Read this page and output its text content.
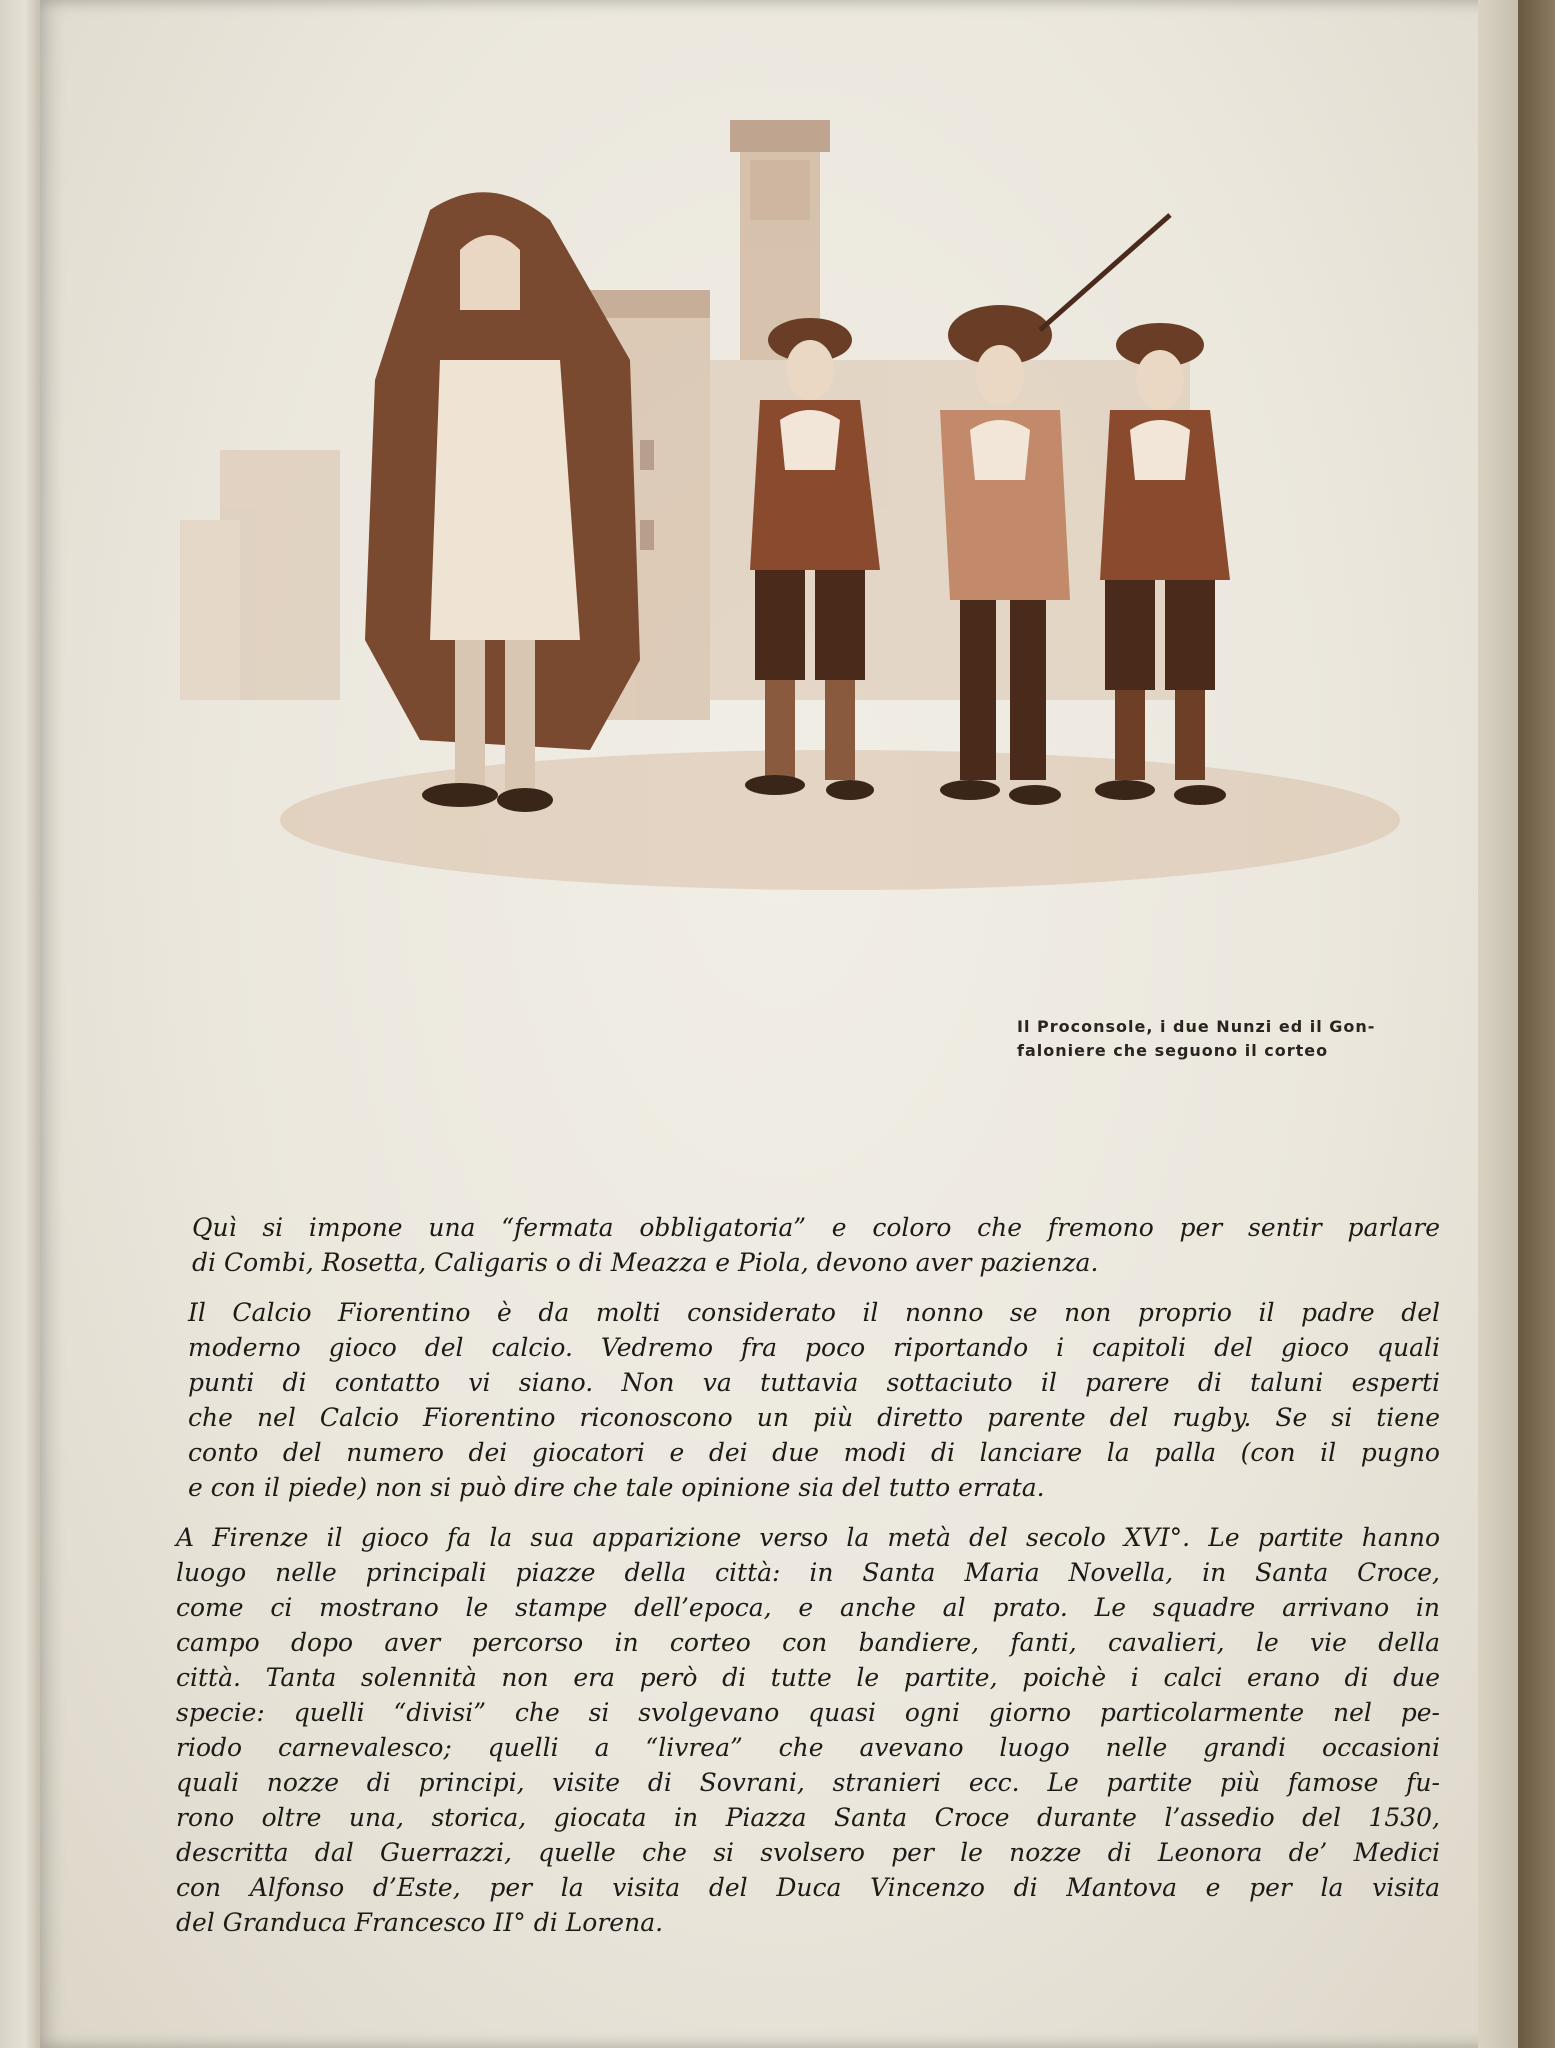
Il Proconsole, i due Nunzi ed il Gon-
faloniere che seguono il corteo

Quì si impone una “fermata obbligatoria” e coloro che fremono per sentir parlare
di Combi, Rosetta, Caligaris o di Meazza e Piola, devono aver pazienza.

Il Calcio Fiorentino è da molti considerato il nonno se non proprio il padre del
moderno gioco del calcio. Vedremo fra poco riportando i capitoli del gioco quali
punti di contatto vi siano. Non va tuttavia sottaciuto il parere di taluni esperti
che nel Calcio Fiorentino riconoscono un più diretto parente del rugby. Se si tiene
conto del numero dei giocatori e dei due modi di lanciare la palla (con il pugno
e con il piede) non si può dire che tale opinione sia del tutto errata.

A Firenze il gioco fa la sua apparizione verso la metà del secolo XVI°. Le partite hanno
luogo nelle principali piazze della città: in Santa Maria Novella, in Santa Croce,
come ci mostrano le stampe dell’epoca, e anche al prato. Le squadre arrivano in
campo dopo aver percorso in corteo con bandiere, fanti, cavalieri, le vie della
città. Tanta solennità non era però di tutte le partite, poichè i calci erano di due
specie: quelli “divisi” che si svolgevano quasi ogni giorno particolarmente nel pe-
riodo carnevalesco; quelli a “livrea” che avevano luogo nelle grandi occasioni
quali nozze di principi, visite di Sovrani, stranieri ecc. Le partite più famose fu-
rono oltre una, storica, giocata in Piazza Santa Croce durante l’assedio del 1530,
descritta dal Guerrazzi, quelle che si svolsero per le nozze di Leonora de’ Medici
con Alfonso d’Este, per la visita del Duca Vincenzo di Mantova e per la visita
del Granduca Francesco II° di Lorena.
